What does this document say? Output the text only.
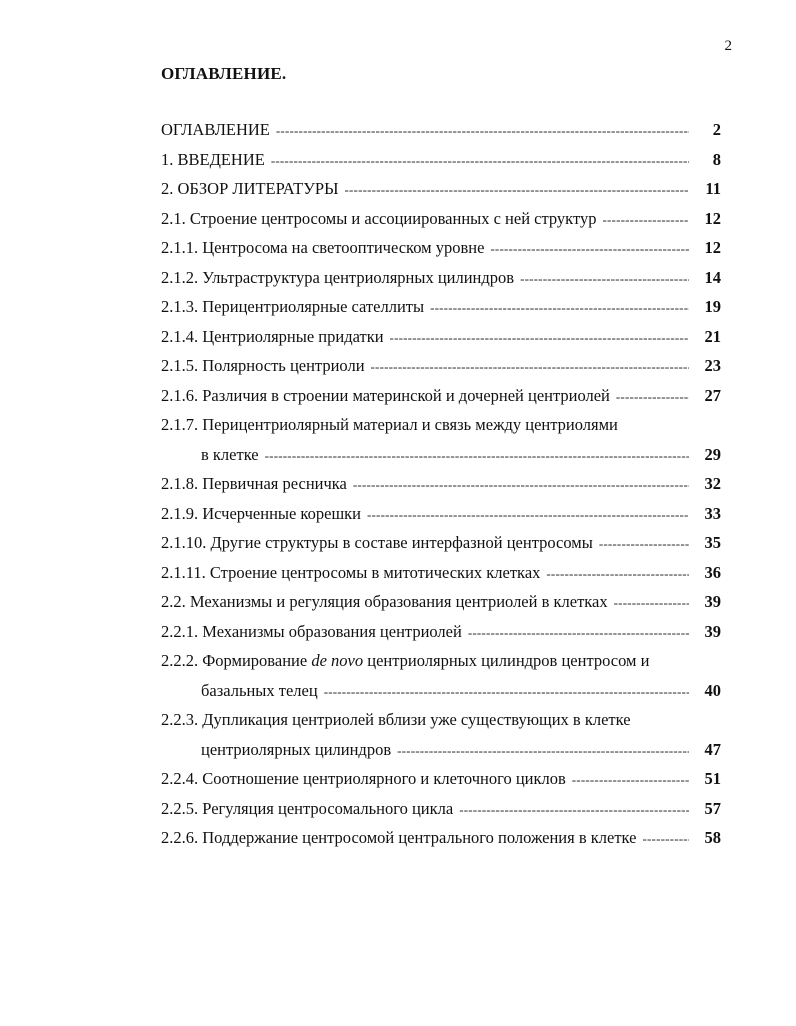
2
ОГЛАВЛЕНИЕ.
ОГЛАВЛЕНИЕ -----	2
1. ВВЕДЕНИЕ -----	8
2. ОБЗОР ЛИТЕРАТУРЫ -----	11
2.1. Строение центросомы и ассоциированных с ней структур -----	12
2.1.1. Центросома на светооптическом уровне -----	12
2.1.2. Ультраструктура центриолярных цилиндров -----	14
2.1.3. Перицентриолярные сателлиты -----	19
2.1.4. Центриолярные придатки -----	21
2.1.5. Полярность центриоли -----	23
2.1.6. Различия в строении материнской и дочерней центриолей -----	27
2.1.7. Перицентриолярный материал и связь между центриолями
в клетке -----	29
2.1.8. Первичная ресничка -----	32
2.1.9. Исчерченные корешки -----	33
2.1.10. Другие структуры в составе интерфазной центросомы -----	35
2.1.11. Строение центросомы в митотических клетках -----	36
2.2. Механизмы и регуляция образования центриолей в клетках -----	39
2.2.1. Механизмы образования центриолей -----	39
2.2.2. Формирование de novo центриолярных цилиндров центросом и
базальных телец -----	40
2.2.3. Дупликация центриолей вблизи уже существующих в клетке
центриолярных цилиндров -----	47
2.2.4. Соотношение центриолярного и клеточного циклов -----	51
2.2.5. Регуляция центросомального цикла -----	57
2.2.6. Поддержание центросомой центрального положения в клетке -----	58
